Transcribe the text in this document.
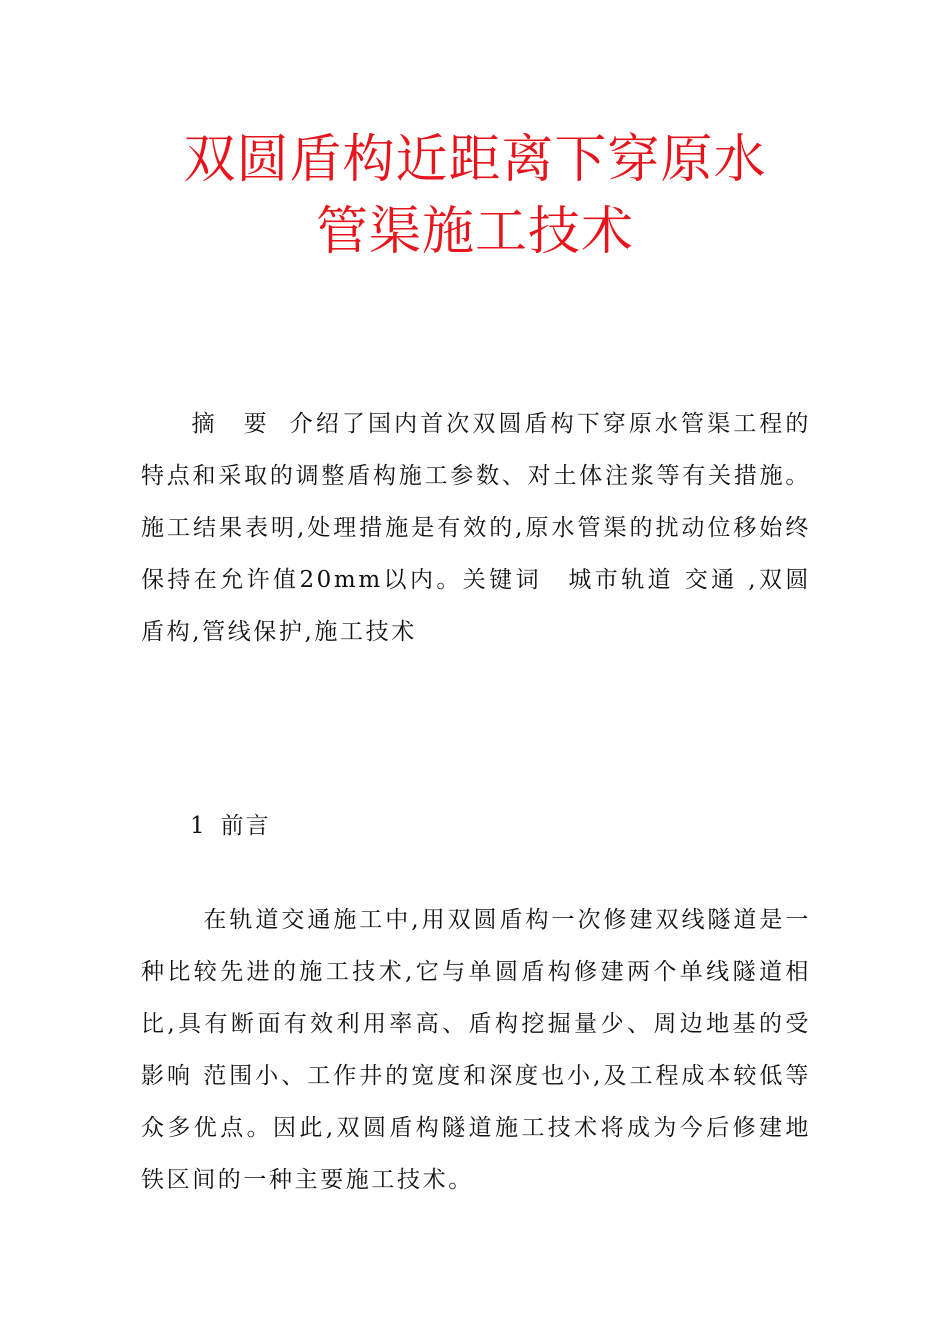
双圆盾构近距离下穿原水
管渠施工技术

摘　要 介绍了国内首次双圆盾构下穿原水管渠工程的特点和采取的调整盾构施工参数、对土体注浆等有关措施。施工结果表明,处理措施是有效的,原水管渠的扰动位移始终保持在允许值20mm以内。关键词　城市轨道 交通 ,双圆盾构,管线保护,施工技术

1 前言

在轨道交通施工中,用双圆盾构一次修建双线隧道是一种比较先进的施工技术,它与单圆盾构修建两个单线隧道相比,具有断面有效利用率高、盾构挖掘量少、周边地基的受影响 范围小、工作井的宽度和深度也小,及工程成本较低等众多优点。因此,双圆盾构隧道施工技术将成为今后修建地铁区间的一种主要施工技术。
